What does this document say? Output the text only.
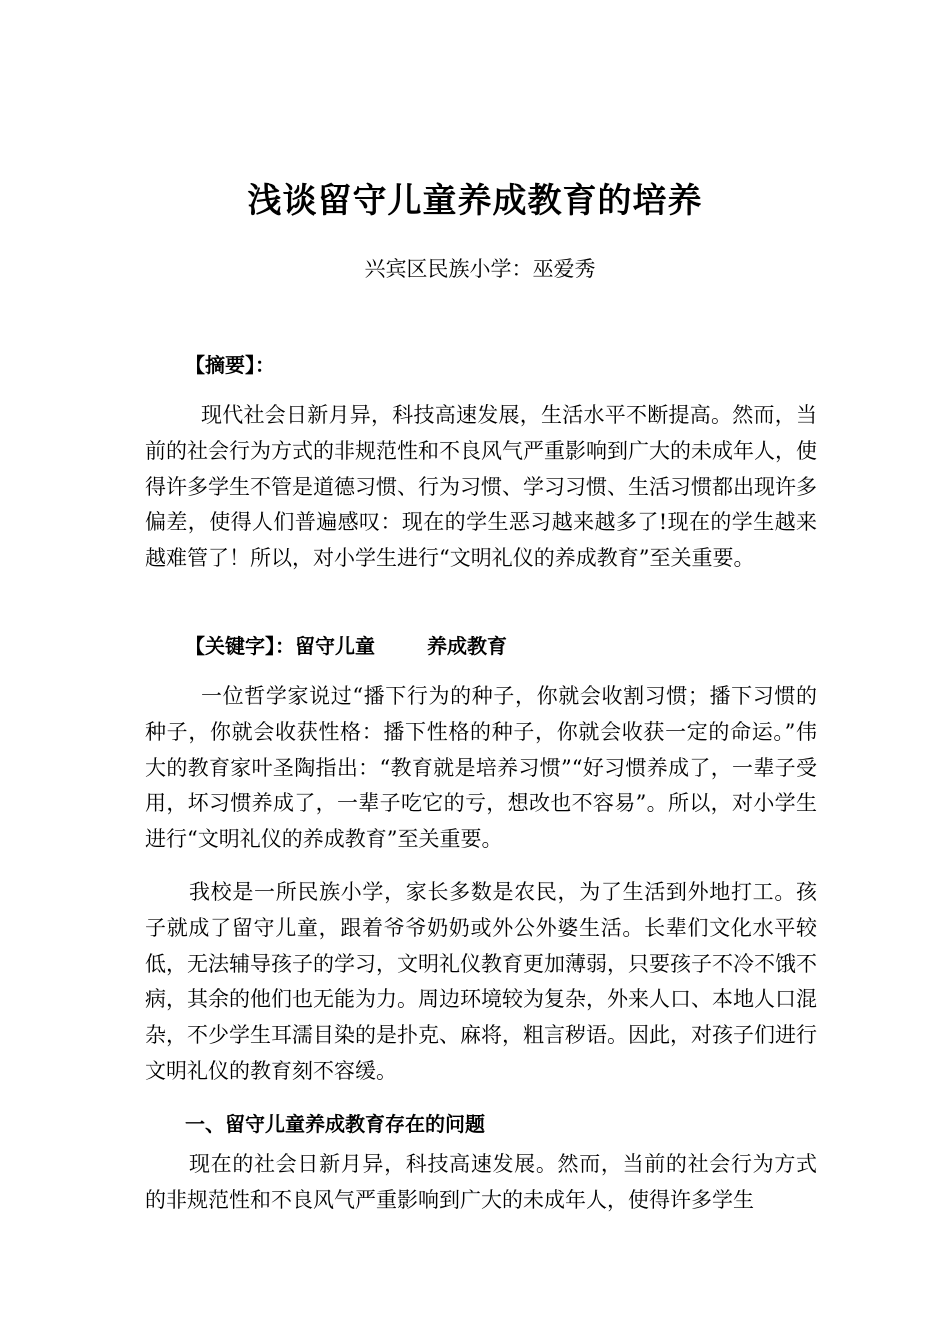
浅谈留守儿童养成教育的培养
兴宾区民族小学：巫爱秀
【摘要】：
现代社会日新月异，科技高速发展，生活水平不断提高。然而，当前的社会行为方式的非规范性和不良风气严重影响到广大的未成年人，使得许多学生不管是道德习惯、行为习惯、学习习惯、生活习惯都出现许多偏差，使得人们普遍感叹：现在的学生恶习越来越多了!现在的学生越来越难管了！所以，对小学生进行“文明礼仪的养成教育”至关重要。
【关键字】：留守儿童	养成教育
一位哲学家说过“播下行为的种子，你就会收割习惯；播下习惯的种子，你就会收获性格：播下性格的种子，你就会收获一定的命运。”伟大的教育家叶圣陶指出：“教育就是培养习惯”“好习惯养成了，一辈子受用，坏习惯养成了，一辈子吃它的亏，想改也不容易”。所以，对小学生进行“文明礼仪的养成教育”至关重要。
我校是一所民族小学，家长多数是农民，为了生活到外地打工。孩子就成了留守儿童，跟着爷爷奶奶或外公外婆生活。长辈们文化水平较低，无法辅导孩子的学习，文明礼仪教育更加薄弱，只要孩子不冷不饿不病，其余的他们也无能为力。周边环境较为复杂，外来人口、本地人口混杂，不少学生耳濡目染的是扑克、麻将，粗言秽语。因此，对孩子们进行文明礼仪的教育刻不容缓。
一、留守儿童养成教育存在的问题
现在的社会日新月异，科技高速发展。然而，当前的社会行为方式的非规范性和不良风气严重影响到广大的未成年人，使得许多学生
